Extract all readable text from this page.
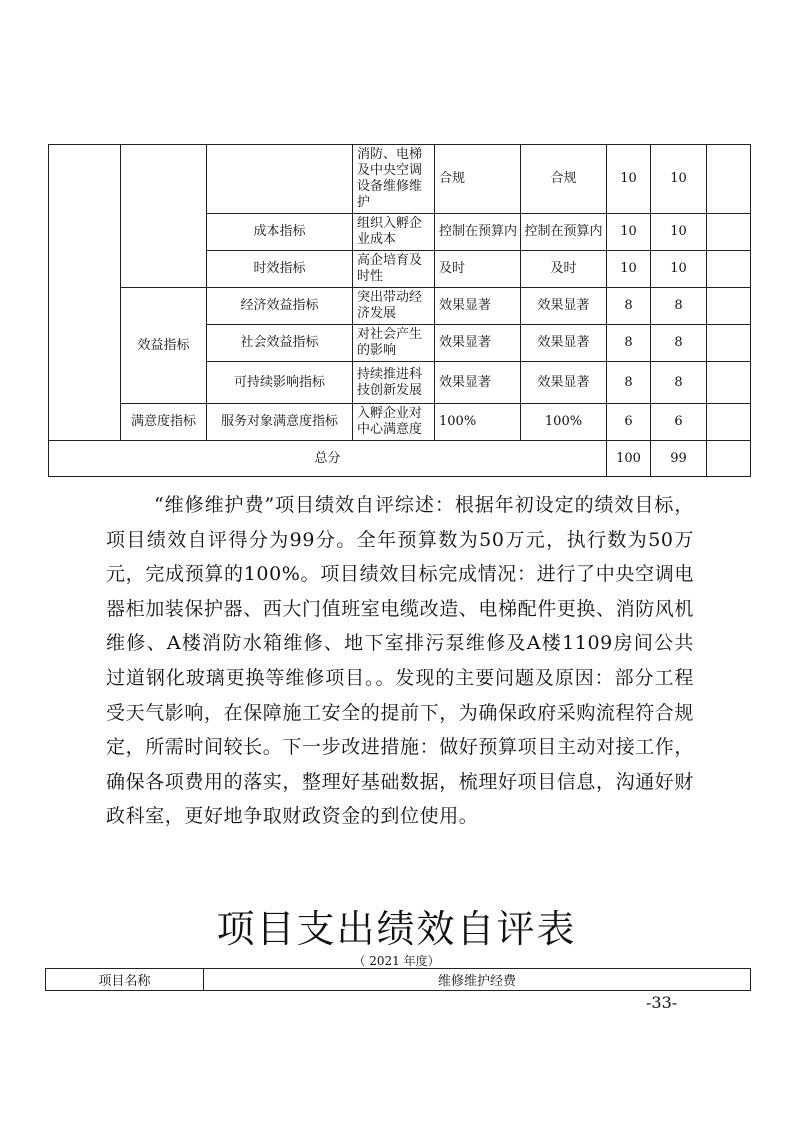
			消防、电梯及中央空调设备维修维护	合规	合规	10	10	
		成本指标	组织入孵企业成本	控制在预算内	控制在预算内	10	10	
		时效指标	高企培育及时性	及时	及时	10	10	
	效益指标	经济效益指标	突出带动经济发展	效果显著	效果显著	8	8	
		社会效益指标	对社会产生的影响	效果显著	效果显著	8	8	
		可持续影响指标	持续推进科技创新发展	效果显著	效果显著	8	8	
	满意度指标	服务对象满意度指标	入孵企业对中心满意度	100%	100%	6	6	
总分						100	99	

“维修维护费”项目绩效自评综述：根据年初设定的绩效目标，项目绩效自评得分为99分。全年预算数为50万元，执行数为50万元，完成预算的100%。项目绩效目标完成情况：进行了中央空调电器柜加装保护器、西大门值班室电缆改造、电梯配件更换、消防风机维修、A楼消防水箱维修、地下室排污泵维修及A楼1109房间公共过道钢化玻璃更换等维修项目。。发现的主要问题及原因：部分工程受天气影响，在保障施工安全的提前下，为确保政府采购流程符合规定，所需时间较长。下一步改进措施：做好预算项目主动对接工作，确保各项费用的落实，整理好基础数据，梳理好项目信息，沟通好财政科室，更好地争取财政资金的到位使用。

项目支出绩效自评表
（ 2021 年度）
项目名称	维修维护经费
-33-
